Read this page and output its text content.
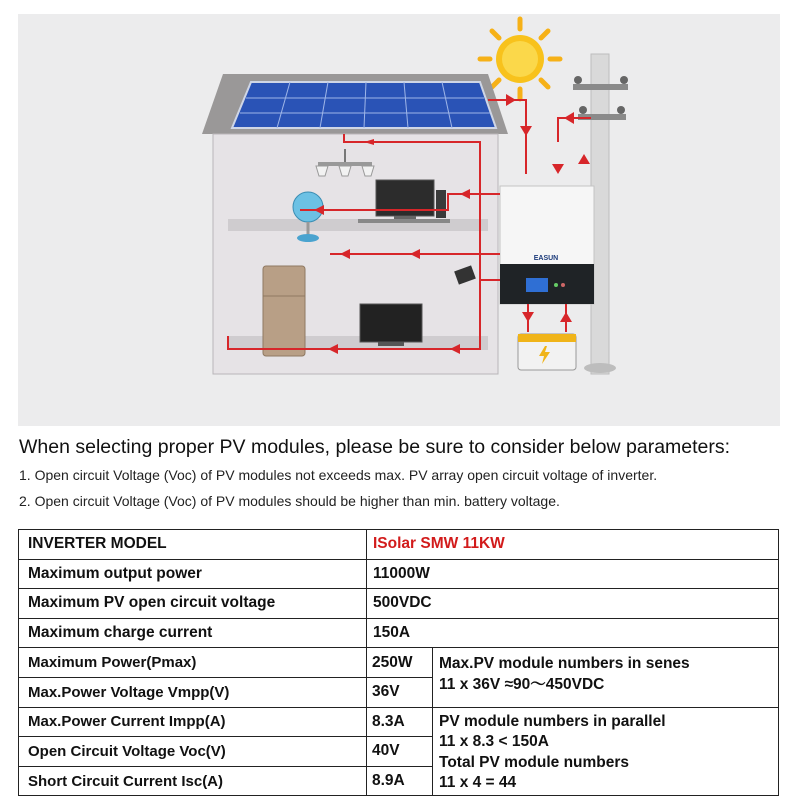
EASUN
When selecting proper PV modules, please be sure to consider below parameters:
1. Open circuit Voltage (Voc) of PV modules not exceeds max. PV array open circuit voltage of inverter.
2. Open circuit Voltage (Voc) of PV modules should be higher than min. battery voltage.
INVERTER MODEL	ISolar SMW 11KW	
Maximum output power	11000W	
Maximum PV open circuit voltage	500VDC	
Maximum charge current	150A	
Maximum Power(Pmax)	250W	Max.PV module numbers in senes
11 x 36V ≈90～450VDC

Max.Power Voltage Vmpp(V)	36V	
Max.Power Current Impp(A)	8.3A	PV module numbers in parallel
11 x 8.3 < 150A
Total PV module numbers
11 x 4 = 44

Open Circuit Voltage Voc(V)	40V	
Short Circuit Current Isc(A)	8.9A	
